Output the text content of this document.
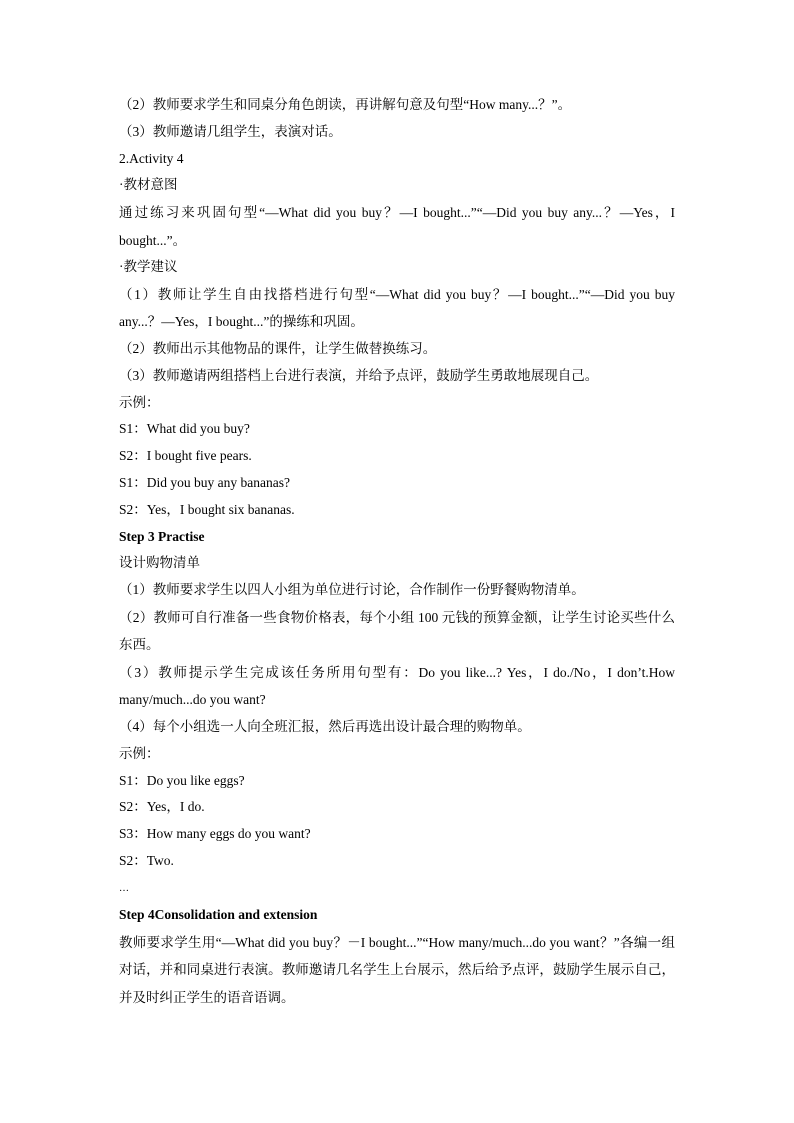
（2）教师要求学生和同桌分角色朗读，再讲解句意及句型“How many...？”。
（3）教师邀请几组学生，表演对话。
2.Activity 4
·教材意图
通过练习来巩固句型“—What did you buy？—I bought...”“—Did you buy any...？—Yes，I bought...”。
·教学建议
（1）教师让学生自由找搭档进行句型“—What did you buy？—I bought...”“—Did you buy any...？—Yes，I bought...”的操练和巩固。
（2）教师出示其他物品的课件，让学生做替换练习。
（3）教师邀请两组搭档上台进行表演，并给予点评，鼓励学生勇敢地展现自己。
示例：
S1：What did you buy?
S2：I bought five pears.
S1：Did you buy any bananas?
S2：Yes，I bought six bananas.
Step 3 Practise
设计购物清单
（1）教师要求学生以四人小组为单位进行讨论，合作制作一份野餐购物清单。
（2）教师可自行准备一些食物价格表，每个小组 100 元钱的预算金额，让学生讨论买些什么东西。
（3）教师提示学生完成该任务所用句型有：Do you like...? Yes，I do./No，I don’t.How many/much...do you want?
（4）每个小组选一人向全班汇报，然后再选出设计最合理的购物单。
示例：
S1：Do you like eggs?
S2：Yes，I do.
S3：How many eggs do you want?
S2：Two.
…
Step 4Consolidation and extension
教师要求学生用“—What did you buy？－I bought...”“How many/much...do you want？”各编一组对话，并和同桌进行表演。教师邀请几名学生上台展示，然后给予点评，鼓励学生展示自己，并及时纠正学生的语音语调。
